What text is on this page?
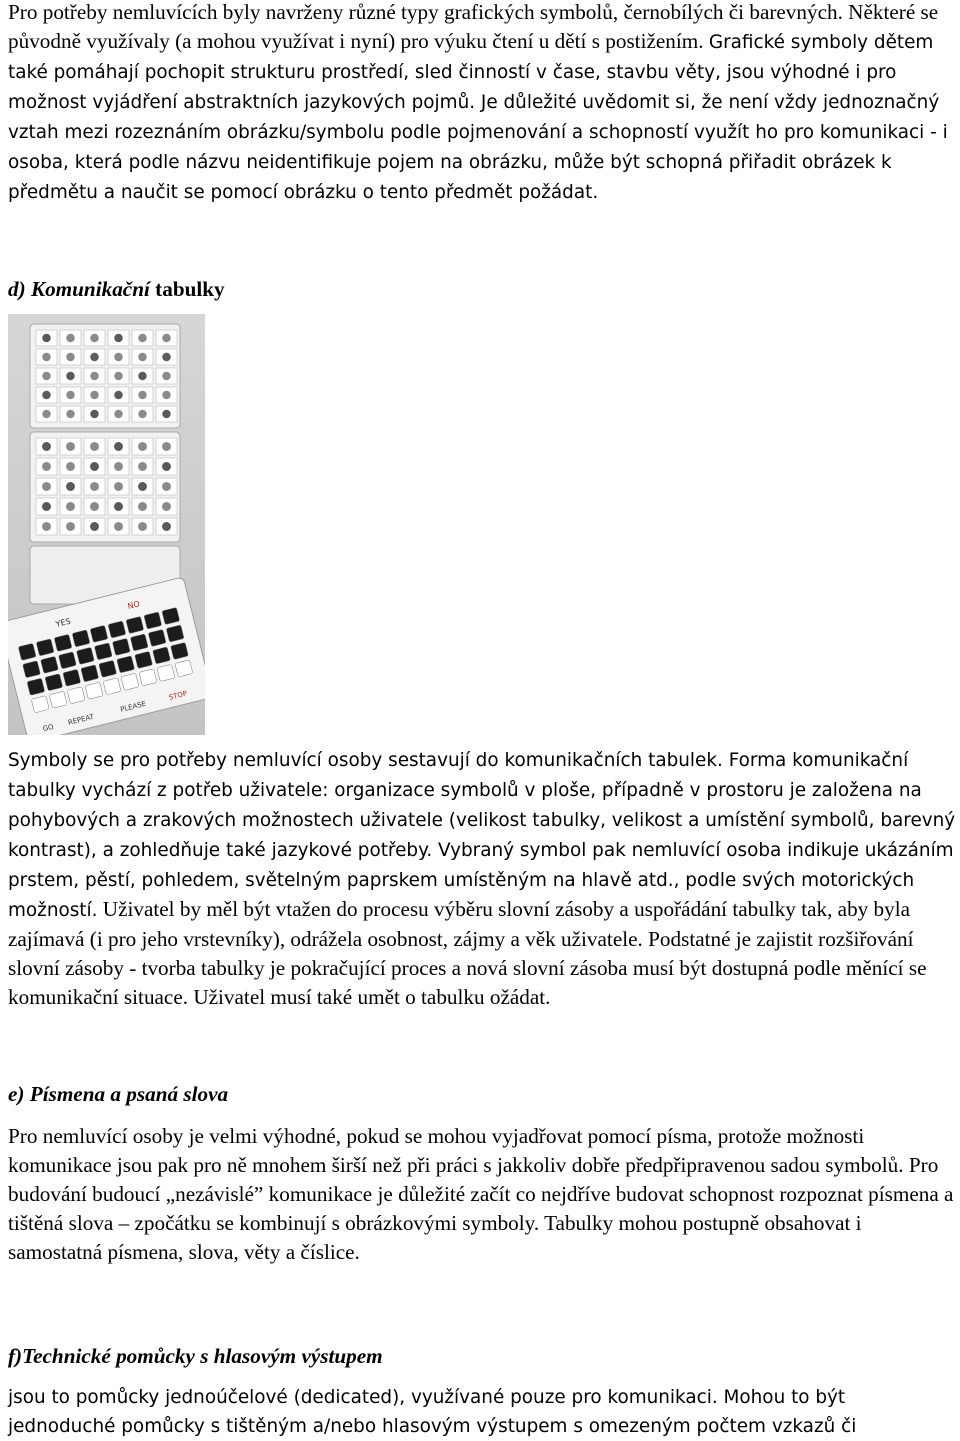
Pro potřeby nemluvících byly navrženy různé typy grafických symbolů, černobílých či barevných. Některé se původně využívaly (a mohou využívat i nyní) pro výuku čtení u dětí s postižením. Grafické symboly dětem také pomáhají pochopit strukturu prostředí, sled činností v čase, stavbu věty, jsou výhodné i pro možnost vyjádření abstraktních jazykových pojmů. Je důležité uvědomit si, že není vždy jednoznačný vztah mezi rozeznáním obrázku/symbolu podle pojmenování a schopností využít ho pro komunikaci - i osoba, která podle názvu neidentifikuje pojem na obrázku, může být schopná přiřadit obrázek k předmětu a naučit se pomocí obrázku o tento předmět požádat.

d) Komunikační tabulky
GO
REPEAT
PLEASE
STOP
YES
NO

Symboly se pro potřeby nemluvící osoby sestavují do komunikačních tabulek. Forma komunikační tabulky vychází z potřeb uživatele: organizace symbolů v ploše, případně v prostoru je založena na pohybových a zrakových možnostech uživatele (velikost tabulky, velikost a umístění symbolů, barevný kontrast), a zohledňuje také jazykové potřeby. Vybraný symbol pak nemluvící osoba indikuje ukázáním prstem, pěstí, pohledem, světelným paprskem umístěným na hlavě atd., podle svých motorických možností. Uživatel by měl být vtažen do procesu výběru slovní zásoby a uspořádání tabulky tak, aby byla zajímavá (i pro jeho vrstevníky), odrážela osobnost, zájmy a věk uživatele. Podstatné je zajistit rozšiřování slovní zásoby - tvorba tabulky je pokračující proces a nová slovní zásoba musí být dostupná podle měnící se komunikační situace. Uživatel musí také umět o tabulku ožádat.

e) Písmena a psaná slova

Pro nemluvící osoby je velmi výhodné, pokud se mohou vyjadřovat pomocí písma, protože možnosti komunikace jsou pak pro ně mnohem širší než při práci s jakkoliv dobře předpřipravenou sadou symbolů. Pro budování budoucí „nezávislé” komunikace je důležité začít co nejdříve budovat schopnost rozpoznat písmena a tištěná slova – zpočátku se kombinují s obrázkovými symboly. Tabulky mohou postupně obsahovat i samostatná písmena, slova, věty a číslice.

f)Technické pomůcky s hlasovým výstupem

jsou to pomůcky jednoúčelové (dedicated), využívané pouze pro komunikaci. Mohou to být jednoduché pomůcky s tištěným a/nebo hlasovým výstupem s omezeným počtem vzkazů či
